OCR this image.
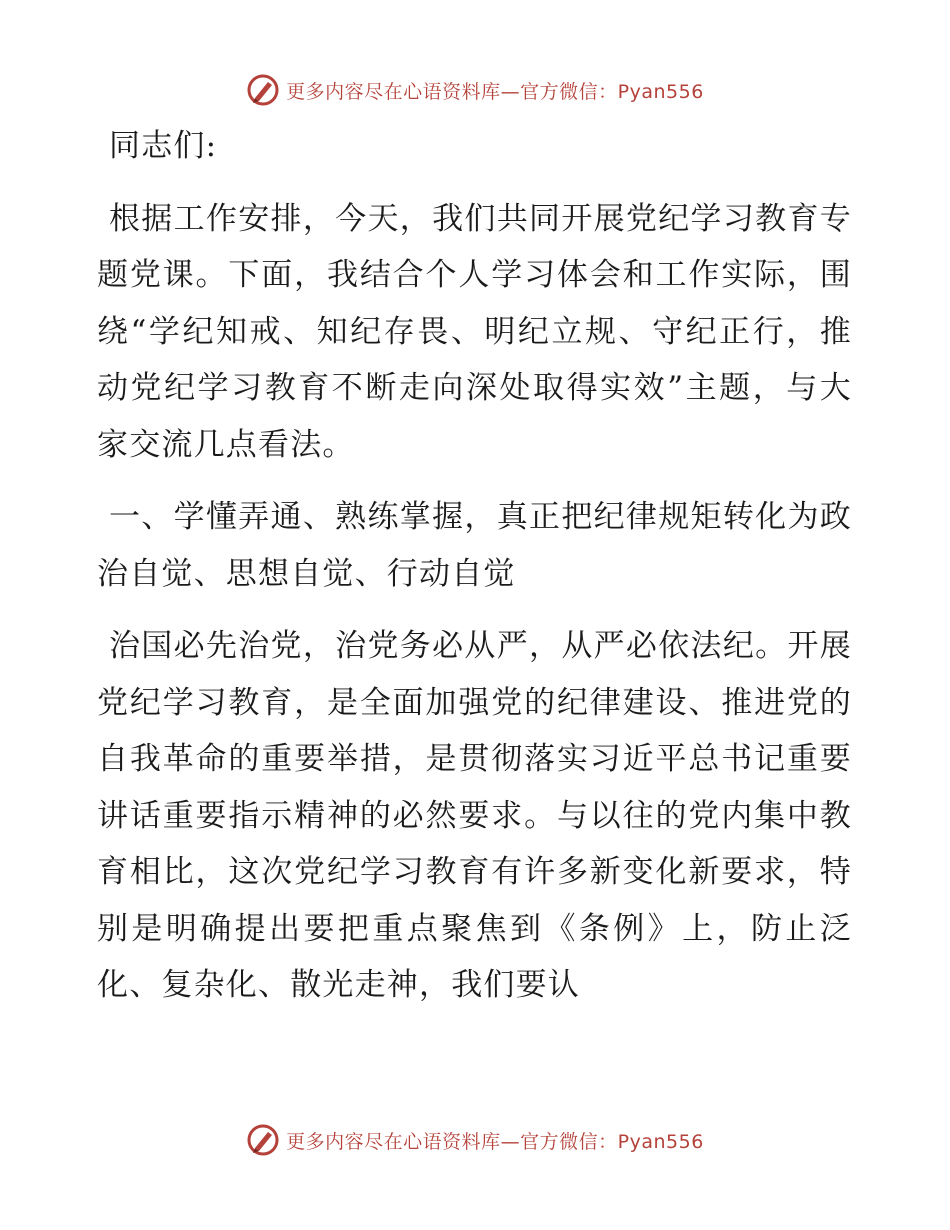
更多内容尽在心语资料库—官方微信：Pyan556

同志们:

根据工作安排，今天，我们共同开展党纪学习教育专题党课。下面，我结合个人学习体会和工作实际，围绕“学纪知戒、知纪存畏、明纪立规、守纪正行，推动党纪学习教育不断走向深处取得实效”主题，与大家交流几点看法。

一、学懂弄通、熟练掌握，真正把纪律规矩转化为政治自觉、思想自觉、行动自觉

治国必先治党，治党务必从严，从严必依法纪。开展党纪学习教育，是全面加强党的纪律建设、推进党的自我革命的重要举措，是贯彻落实习近平总书记重要讲话重要指示精神的必然要求。与以往的党内集中教育相比，这次党纪学习教育有许多新变化新要求，特别是明确提出要把重点聚焦到《条例》上，防止泛化、复杂化、散光走神，我们要认

更多内容尽在心语资料库—官方微信：Pyan556
